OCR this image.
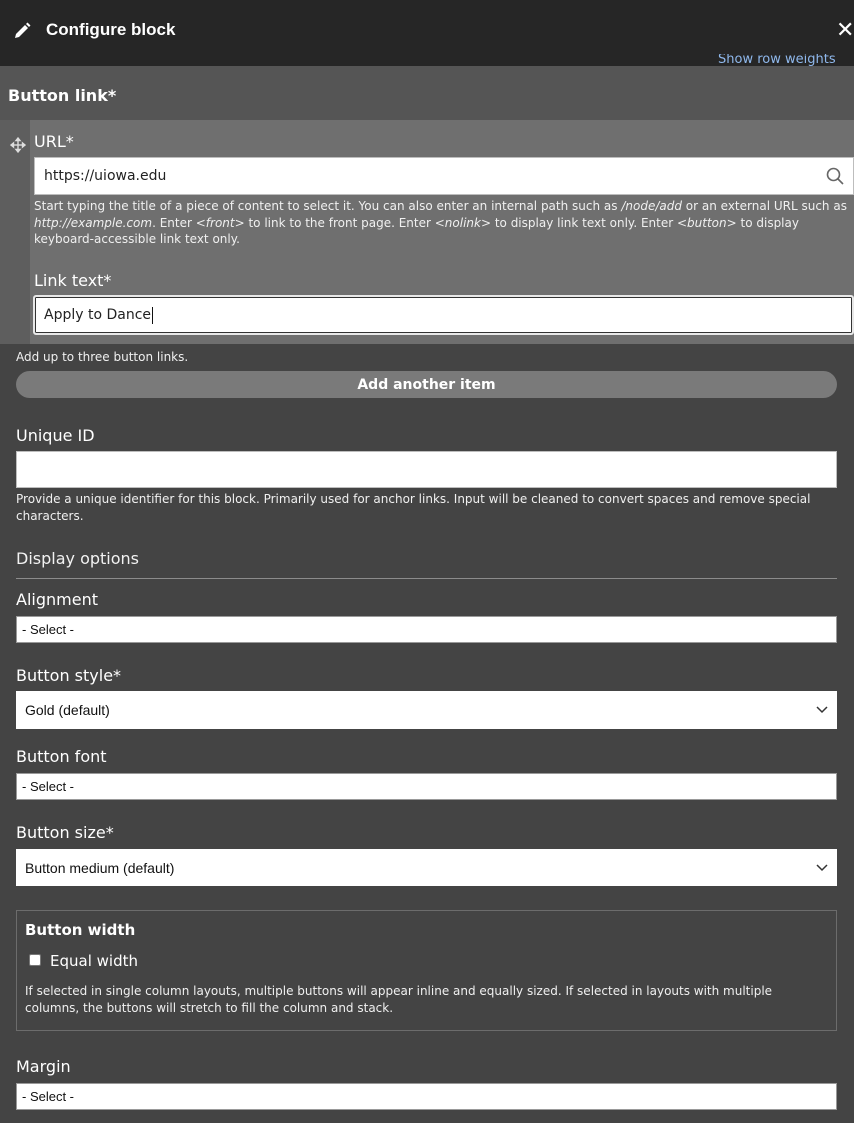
Configure block	✕
Show row weights
Button link*
URL*
https://uiowa.edu
Start typing the title of a piece of content to select it. You can also enter an internal path such as /node/add or an external URL such as http://example.com. Enter <front> to link to the front page. Enter <nolink> to display link text only. Enter <button> to display keyboard-accessible link text only.
Link text*
Apply to Dance
Add up to three button links.
Add another item
Unique ID
Provide a unique identifier for this block. Primarily used for anchor links. Input will be cleaned to convert spaces and remove special characters.
Display options
Alignment
- Select -
Button style*
Gold (default)
Button font
- Select -
Button size*
Button medium (default)
Button width
Equal width
If selected in single column layouts, multiple buttons will appear inline and equally sized. If selected in layouts with multiple columns, the buttons will stretch to fill the column and stack.
Margin
- Select -
